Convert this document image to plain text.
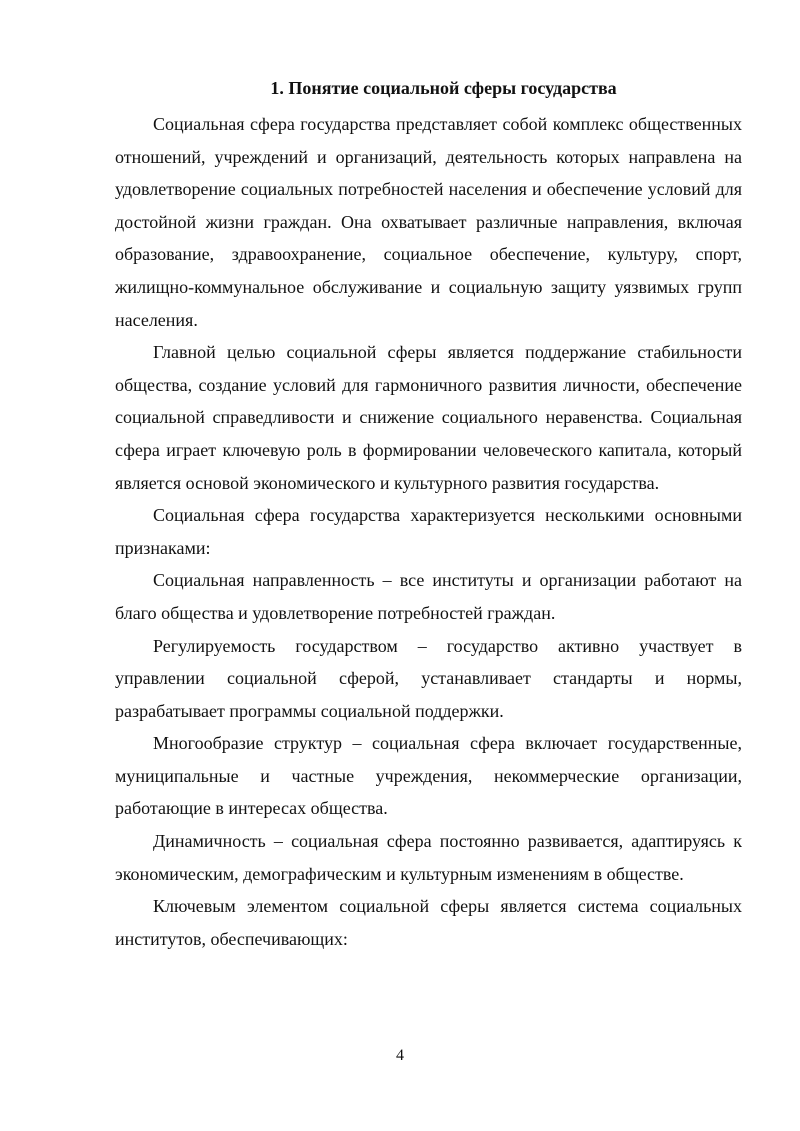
1. Понятие социальной сферы государства

Социальная сфера государства представляет собой комплекс общественных отношений, учреждений и организаций, деятельность которых направлена на удовлетворение социальных потребностей населения и обеспечение условий для достойной жизни граждан. Она охватывает различные направления, включая образование, здравоохранение, социальное обеспечение, культуру, спорт, жилищно-коммунальное обслуживание и социальную защиту уязвимых групп населения.

Главной целью социальной сферы является поддержание стабильности общества, создание условий для гармоничного развития личности, обеспечение социальной справедливости и снижение социального неравенства. Социальная сфера играет ключевую роль в формировании человеческого капитала, который является основой экономического и культурного развития государства.

Социальная сфера государства характеризуется несколькими основными признаками:

Социальная направленность – все институты и организации работают на благо общества и удовлетворение потребностей граждан.

Регулируемость государством – государство активно участвует в управлении социальной сферой, устанавливает стандарты и нормы, разрабатывает программы социальной поддержки.

Многообразие структур – социальная сфера включает государственные, муниципальные и частные учреждения, некоммерческие организации, работающие в интересах общества.

Динамичность – социальная сфера постоянно развивается, адаптируясь к экономическим, демографическим и культурным изменениям в обществе.

Ключевым элементом социальной сферы является система социальных институтов, обеспечивающих:

4
